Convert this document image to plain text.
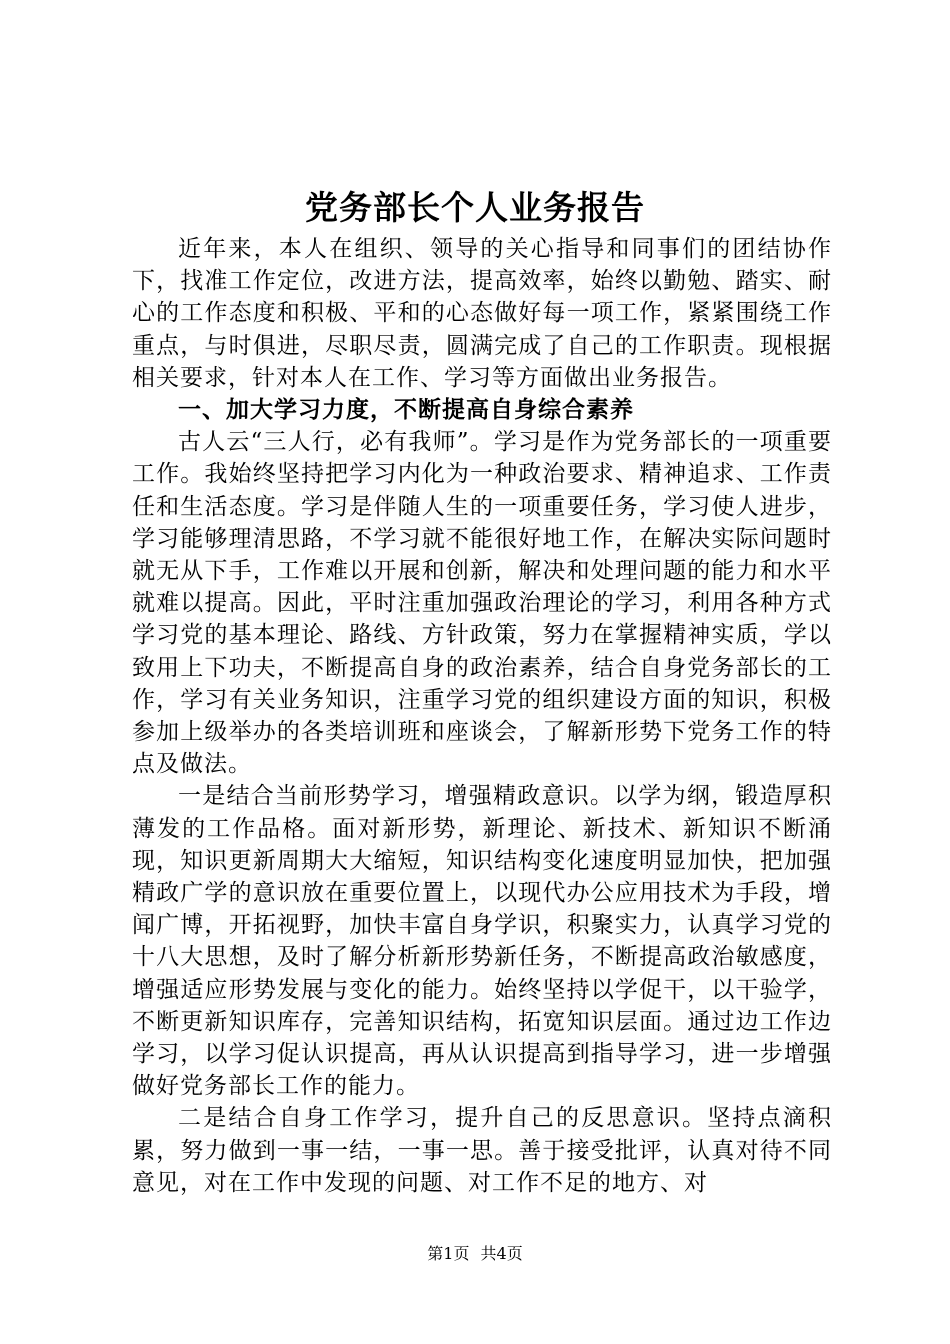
党务部长个人业务报告

近年来，本人在组织、领导的关心指导和同事们的团结协作下，找准工作定位，改进方法，提高效率，始终以勤勉、踏实、耐心的工作态度和积极、平和的心态做好每一项工作，紧紧围绕工作重点，与时俱进，尽职尽责，圆满完成了自己的工作职责。现根据相关要求，针对本人在工作、学习等方面做出业务报告。

一、加大学习力度，不断提高自身综合素养

古人云“三人行，必有我师”。学习是作为党务部长的一项重要工作。我始终坚持把学习内化为一种政治要求、精神追求、工作责任和生活态度。学习是伴随人生的一项重要任务，学习使人进步，学习能够理清思路，不学习就不能很好地工作，在解决实际问题时就无从下手，工作难以开展和创新，解决和处理问题的能力和水平就难以提高。因此，平时注重加强政治理论的学习，利用各种方式学习党的基本理论、路线、方针政策，努力在掌握精神实质，学以致用上下功夫，不断提高自身的政治素养，结合自身党务部长的工作，学习有关业务知识，注重学习党的组织建设方面的知识，积极参加上级举办的各类培训班和座谈会，了解新形势下党务工作的特点及做法。

一是结合当前形势学习，增强精政意识。以学为纲，锻造厚积薄发的工作品格。面对新形势，新理论、新技术、新知识不断涌现，知识更新周期大大缩短，知识结构变化速度明显加快，把加强精政广学的意识放在重要位置上，以现代办公应用技术为手段，增闻广博，开拓视野，加快丰富自身学识，积聚实力，认真学习党的十八大思想，及时了解分析新形势新任务，不断提高政治敏感度，增强适应形势发展与变化的能力。始终坚持以学促干，以干验学，不断更新知识库存，完善知识结构，拓宽知识层面。通过边工作边学习，以学习促认识提高，再从认识提高到指导学习，进一步增强做好党务部长工作的能力。

二是结合自身工作学习，提升自己的反思意识。坚持点滴积累，努力做到一事一结，一事一思。善于接受批评，认真对待不同意见，对在工作中发现的问题、对工作不足的地方、对

第1页 共4页
